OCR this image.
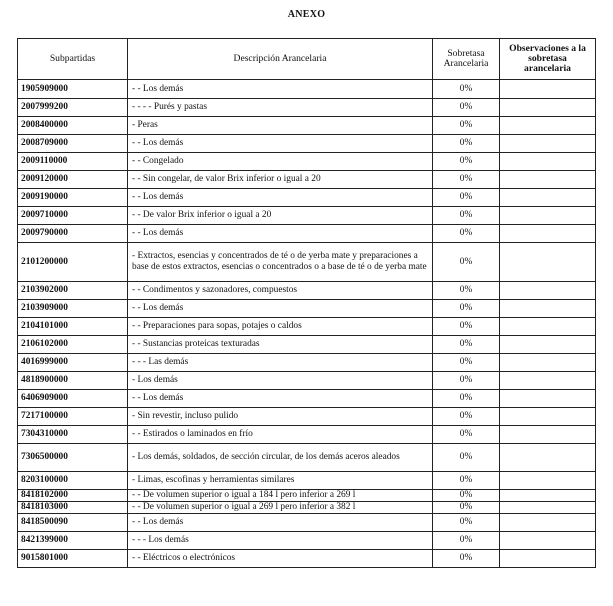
ANEXO
Subpartidas	Descripción Arancelaria	Sobretasa Arancelaria	Observaciones a la sobretasa arancelaria
1905909000	- - Los demás	0%	
2007999200	- - - - Purés y pastas	0%	
2008400000	- Peras	0%	
2008709000	- - Los demás	0%	
2009110000	- - Congelado	0%	
2009120000	- - Sin congelar, de valor Brix inferior o igual a 20	0%	
2009190000	- - Los demás	0%	
2009710000	- - De valor Brix inferior o igual a 20	0%	
2009790000	- - Los demás	0%	
2101200000	- Extractos, esencias y concentrados de té o de yerba mate y preparaciones a base de estos extractos, esencias o concentrados o a base de té o de yerba mate	0%	
2103902000	- - Condimentos y sazonadores, compuestos	0%	
2103909000	- - Los demás	0%	
2104101000	- - Preparaciones para sopas, potajes o caldos	0%	
2106102000	- - Sustancias proteicas texturadas	0%	
4016999000	- - - Las demás	0%	
4818900000	- Los demás	0%	
6406909000	- - Los demás	0%	
7217100000	- Sin revestir, incluso pulido	0%	
7304310000	- - Estirados o laminados en frío	0%	
7306500000	- Los demás, soldados, de sección circular, de los demás aceros aleados	0%	
8203100000	- Limas, escofinas y herramientas similares	0%	
8418102000	- - De volumen superior o igual a 184 l pero inferior a 269 l	0%	
8418103000	- - De volumen superior o igual a 269 l pero inferior a 382 l	0%	
8418500090	- - Los demás	0%	
8421399000	- - - Los demás	0%	
9015801000	- - Eléctricos o electrónicos	0%	
